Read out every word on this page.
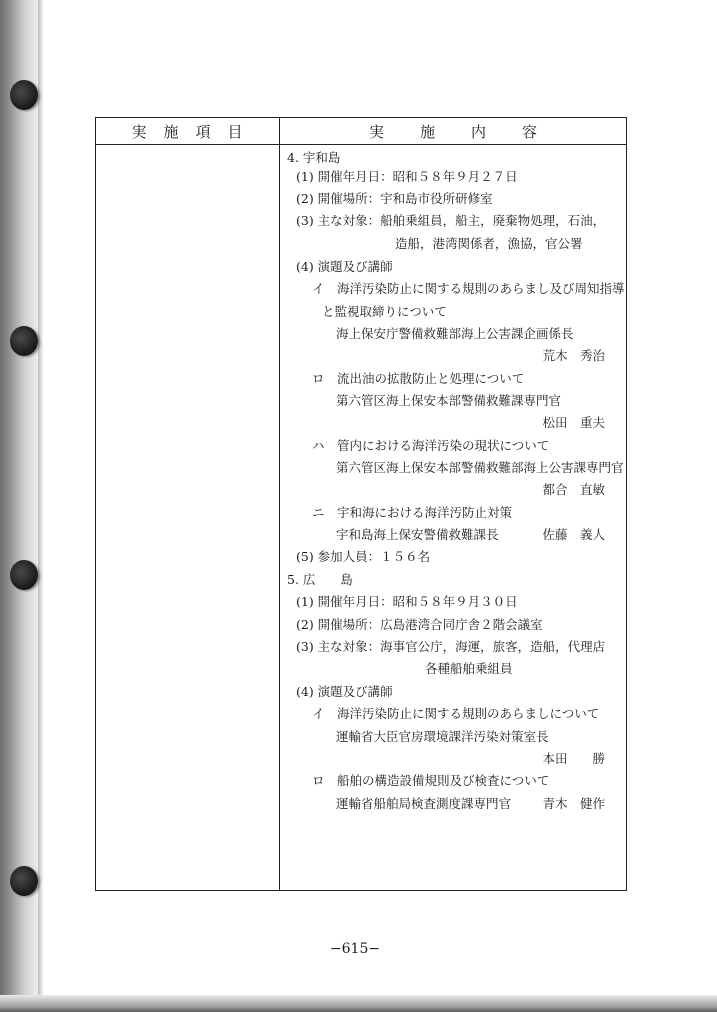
実施項目	実施内容
4. 宇和島
(1) 開催年月日：昭和５８年９月２７日
(2) 開催場所：宇和島市役所研修室
(3) 主な対象：船舶乗組員，船主，廃棄物処理，石油，
造船，港湾関係者，漁協，官公署
(4) 演題及び講師
イ　海洋汚染防止に関する規則のあらまし及び周知指導
と監視取締りについて
海上保安庁警備救難部海上公害課企画係長
荒木　秀治
ロ　流出油の拡散防止と処理について
第六管区海上保安本部警備救難課専門官
松田　重夫
ハ　管内における海洋汚染の現状について
第六管区海上保安本部警備救難部海上公害課専門官
都合　直敏
ニ　宇和海における海洋汚防止対策
宇和島海上保安警備救難課長	佐藤　義人
(5) 参加人員：１５６名
5. 広　　島
(1) 開催年月日：昭和５８年９月３０日
(2) 開催場所：広島港湾合同庁舎２階会議室
(3) 主な対象：海事官公庁，海運，旅客，造船，代理店
各種船舶乗組員
(4) 演題及び講師
イ　海洋汚染防止に関する規則のあらましについて
運輸省大臣官房環境課洋汚染対策室長
本田　　勝
ロ　船舶の構造設備規則及び検査について
運輸省船舶局検査測度課専門官	青木　健作
−615−
